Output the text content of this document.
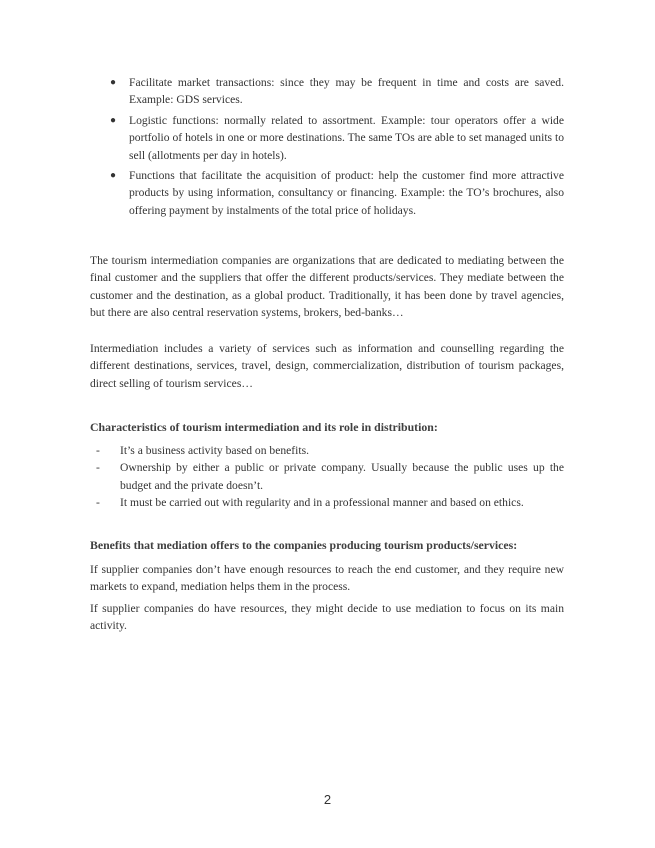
●	Facilitate market transactions: since they may be frequent in time and costs are saved. Example: GDS services.
●	Logistic functions: normally related to assortment. Example: tour operators offer a wide portfolio of hotels in one or more destinations. The same TOs are able to set managed units to sell (allotments per day in hotels).
●	Functions that facilitate the acquisition of product: help the customer find more attractive products by using information, consultancy or financing. Example: the TO’s brochures, also offering payment by instalments of the total price of holidays.

The tourism intermediation companies are organizations that are dedicated to mediating between the final customer and the suppliers that offer the different products/services. They mediate between the customer and the destination, as a global product. Traditionally, it has been done by travel agencies, but there are also central reservation systems, brokers, bed-banks…

Intermediation includes a variety of services such as information and counselling regarding the different destinations, services, travel, design, commercialization, distribution of tourism packages, direct selling of tourism services…

Characteristics of tourism intermediation and its role in distribution:
- It’s a business activity based on benefits.
- Ownership by either a public or private company. Usually because the public uses up the budget and the private doesn’t.
- It must be carried out with regularity and in a professional manner and based on ethics.
Benefits that mediation offers to the companies producing tourism products/services:

If supplier companies don’t have enough resources to reach the end customer, and they require new markets to expand, mediation helps them in the process.

If supplier companies do have resources, they might decide to use mediation to focus on its main activity.

2
